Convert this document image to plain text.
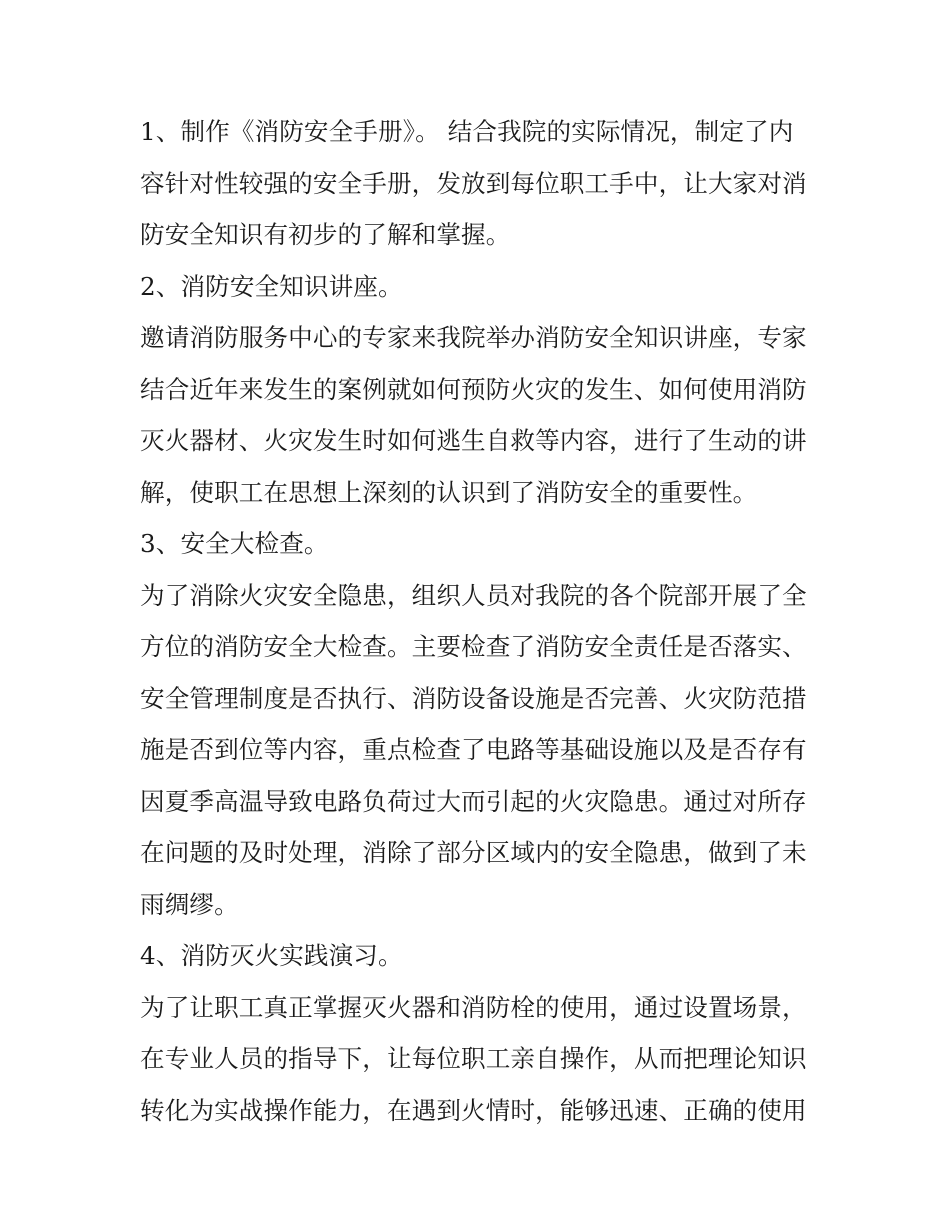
1、制作《消防安全手册》。 结合我院的实际情况，制定了内
容针对性较强的安全手册，发放到每位职工手中，让大家对消
防安全知识有初步的了解和掌握。
2、消防安全知识讲座。
邀请消防服务中心的专家来我院举办消防安全知识讲座，专家
结合近年来发生的案例就如何预防火灾的发生、如何使用消防
灭火器材、火灾发生时如何逃生自救等内容，进行了生动的讲
解，使职工在思想上深刻的认识到了消防安全的重要性。
3、安全大检查。
为了消除火灾安全隐患，组织人员对我院的各个院部开展了全
方位的消防安全大检查。主要检查了消防安全责任是否落实、
安全管理制度是否执行、消防设备设施是否完善、火灾防范措
施是否到位等内容，重点检查了电路等基础设施以及是否存有
因夏季高温导致电路负荷过大而引起的火灾隐患。通过对所存
在问题的及时处理，消除了部分区域内的安全隐患，做到了未
雨绸缪。
4、消防灭火实践演习。
为了让职工真正掌握灭火器和消防栓的使用，通过设置场景，
在专业人员的指导下，让每位职工亲自操作，从而把理论知识
转化为实战操作能力，在遇到火情时，能够迅速、正确的使用
